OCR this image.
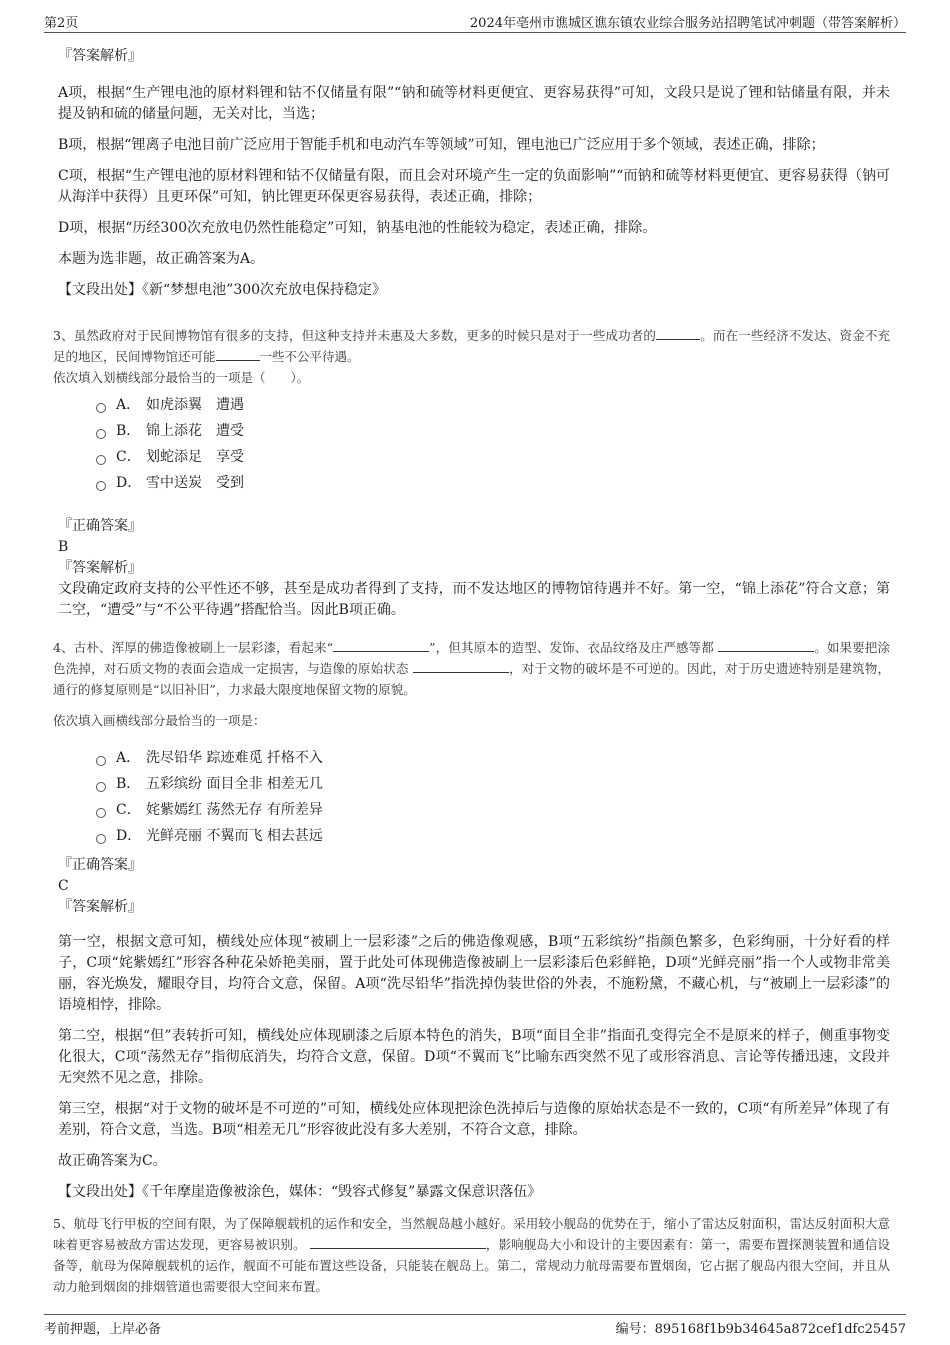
第2页	2024年亳州市谯城区谯东镇农业综合服务站招聘笔试冲刺题（带答案解析）

『答案解析』

A项，根据“生产锂电池的原材料锂和钴不仅储量有限”“钠和硫等材料更便宜、更容易获得”可知，文段只是说了锂和钴储量有限，并未提及钠和硫的储量问题，无关对比，当选；

B项，根据“锂离子电池目前广泛应用于智能手机和电动汽车等领域”可知，锂电池已广泛应用于多个领域，表述正确，排除；

C项，根据“生产锂电池的原材料锂和钴不仅储量有限，而且会对环境产生一定的负面影响”“而钠和硫等材料更便宜、更容易获得（钠可从海洋中获得）且更环保”可知，钠比锂更环保更容易获得，表述正确，排除；

D项，根据“历经300次充放电仍然性能稳定”可知，钠基电池的性能较为稳定，表述正确，排除。

本题为选非题，故正确答案为A。

【文段出处】《新“梦想电池”300次充放电保持稳定》

3、虽然政府对于民间博物馆有很多的支持，但这种支持并未惠及大多数，更多的时候只是对于一些成功者的	。而在一些经济不发达、资金不充足的地区，民间博物馆还可能	一些不公平待遇。

依次填入划横线部分最恰当的一项是（　　）。

A． 如虎添翼　遭遇
B． 锦上添花　遭受
C． 划蛇添足　享受
D． 雪中送炭　受到

『正确答案』

B

『答案解析』

文段确定政府支持的公平性还不够，甚至是成功者得到了支持，而不发达地区的博物馆待遇并不好。第一空，“锦上添花”符合文意；第二空，“遭受”与“不公平待遇”搭配恰当。因此B项正确。

4、古朴、浑厚的佛造像被刷上一层彩漆，看起来“	”，但其原本的造型、发饰、衣品纹络及庄严感等都	。如果要把涂色洗掉，对石质文物的表面会造成一定损害，与造像的原始状态	，对于文物的破坏是不可逆的。因此，对于历史遗迹特别是建筑物，通行的修复原则是“以旧补旧”，力求最大限度地保留文物的原貌。

依次填入画横线部分最恰当的一项是：

A． 洗尽铅华 踪迹难觅 扦格不入
B． 五彩缤纷 面目全非 相差无几
C． 姹紫嫣红 荡然无存 有所差异
D． 光鲜亮丽 不翼而飞 相去甚远

『正确答案』

C

『答案解析』

第一空，根据文意可知，横线处应体现“被刷上一层彩漆”之后的佛造像观感，B项“五彩缤纷”指颜色繁多，色彩绚丽，十分好看的样子，C项“姹紫嫣红”形容各种花朵娇艳美丽，置于此处可体现佛造像被刷上一层彩漆后色彩鲜艳，D项“光鲜亮丽”指一个人或物非常美丽，容光焕发，耀眼夺目，均符合文意，保留。A项“洗尽铅华”指洗掉伪装世俗的外表，不施粉黛，不藏心机，与“被刷上一层彩漆”的语境相悖，排除。

第二空，根据“但”表转折可知，横线处应体现刷漆之后原本特色的消失，B项“面目全非”指面孔变得完全不是原来的样子，侧重事物变化很大，C项“荡然无存”指彻底消失，均符合文意，保留。D项“不翼而飞”比喻东西突然不见了或形容消息、言论等传播迅速，文段并无突然不见之意，排除。

第三空，根据“对于文物的破坏是不可逆的”可知，横线处应体现把涂色洗掉后与造像的原始状态是不一致的，C项“有所差异”体现了有差别，符合文意，当选。B项“相差无几”形容彼此没有多大差别，不符合文意，排除。

故正确答案为C。

【文段出处】《千年摩崖造像被涂色，媒体：“毁容式修复”暴露文保意识落伍》

5、航母飞行甲板的空间有限，为了保障舰载机的运作和安全，当然舰岛越小越好。采用较小舰岛的优势在于，缩小了雷达反射面积，雷达反射面积大意味着更容易被敌方雷达发现，更容易被识别。	，影响舰岛大小和设计的主要因素有：第一，需要布置探测装置和通信设备等，航母为保障舰载机的运作，舰面不可能布置这些设备，只能装在舰岛上。第二，常规动力航母需要布置烟囱，它占据了舰岛内很大空间，并且从动力舱到烟囱的排烟管道也需要很大空间来布置。

考前押题，上岸必备	编号：895168f1b9b34645a872cef1dfc25457
